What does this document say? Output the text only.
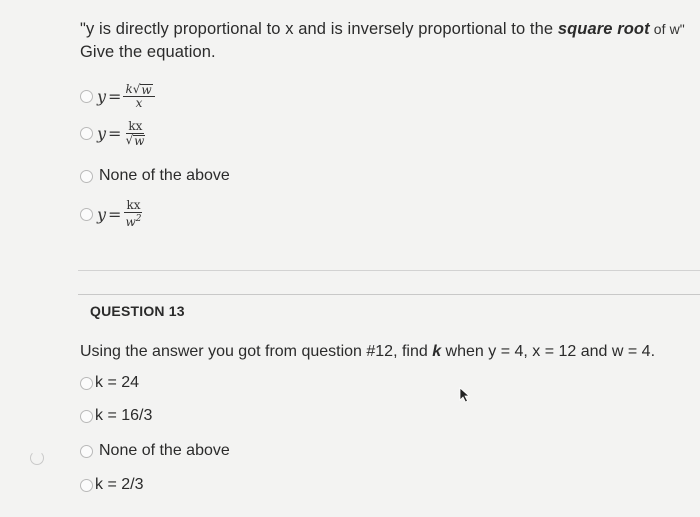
"y is directly proportional to x and is inversely proportional to the square root of w"
Give the equation.
$y = \frac{k √ w}{x}$
$y = \frac{kx}{√ w}$
None of the above
$y = \frac{kx}{w^2}$
QUESTION 13
Using the answer you got from question #12, find k when y = 4, x = 12 and w = 4.
k = 24
k = 16/3
None of the above
k = 2/3
